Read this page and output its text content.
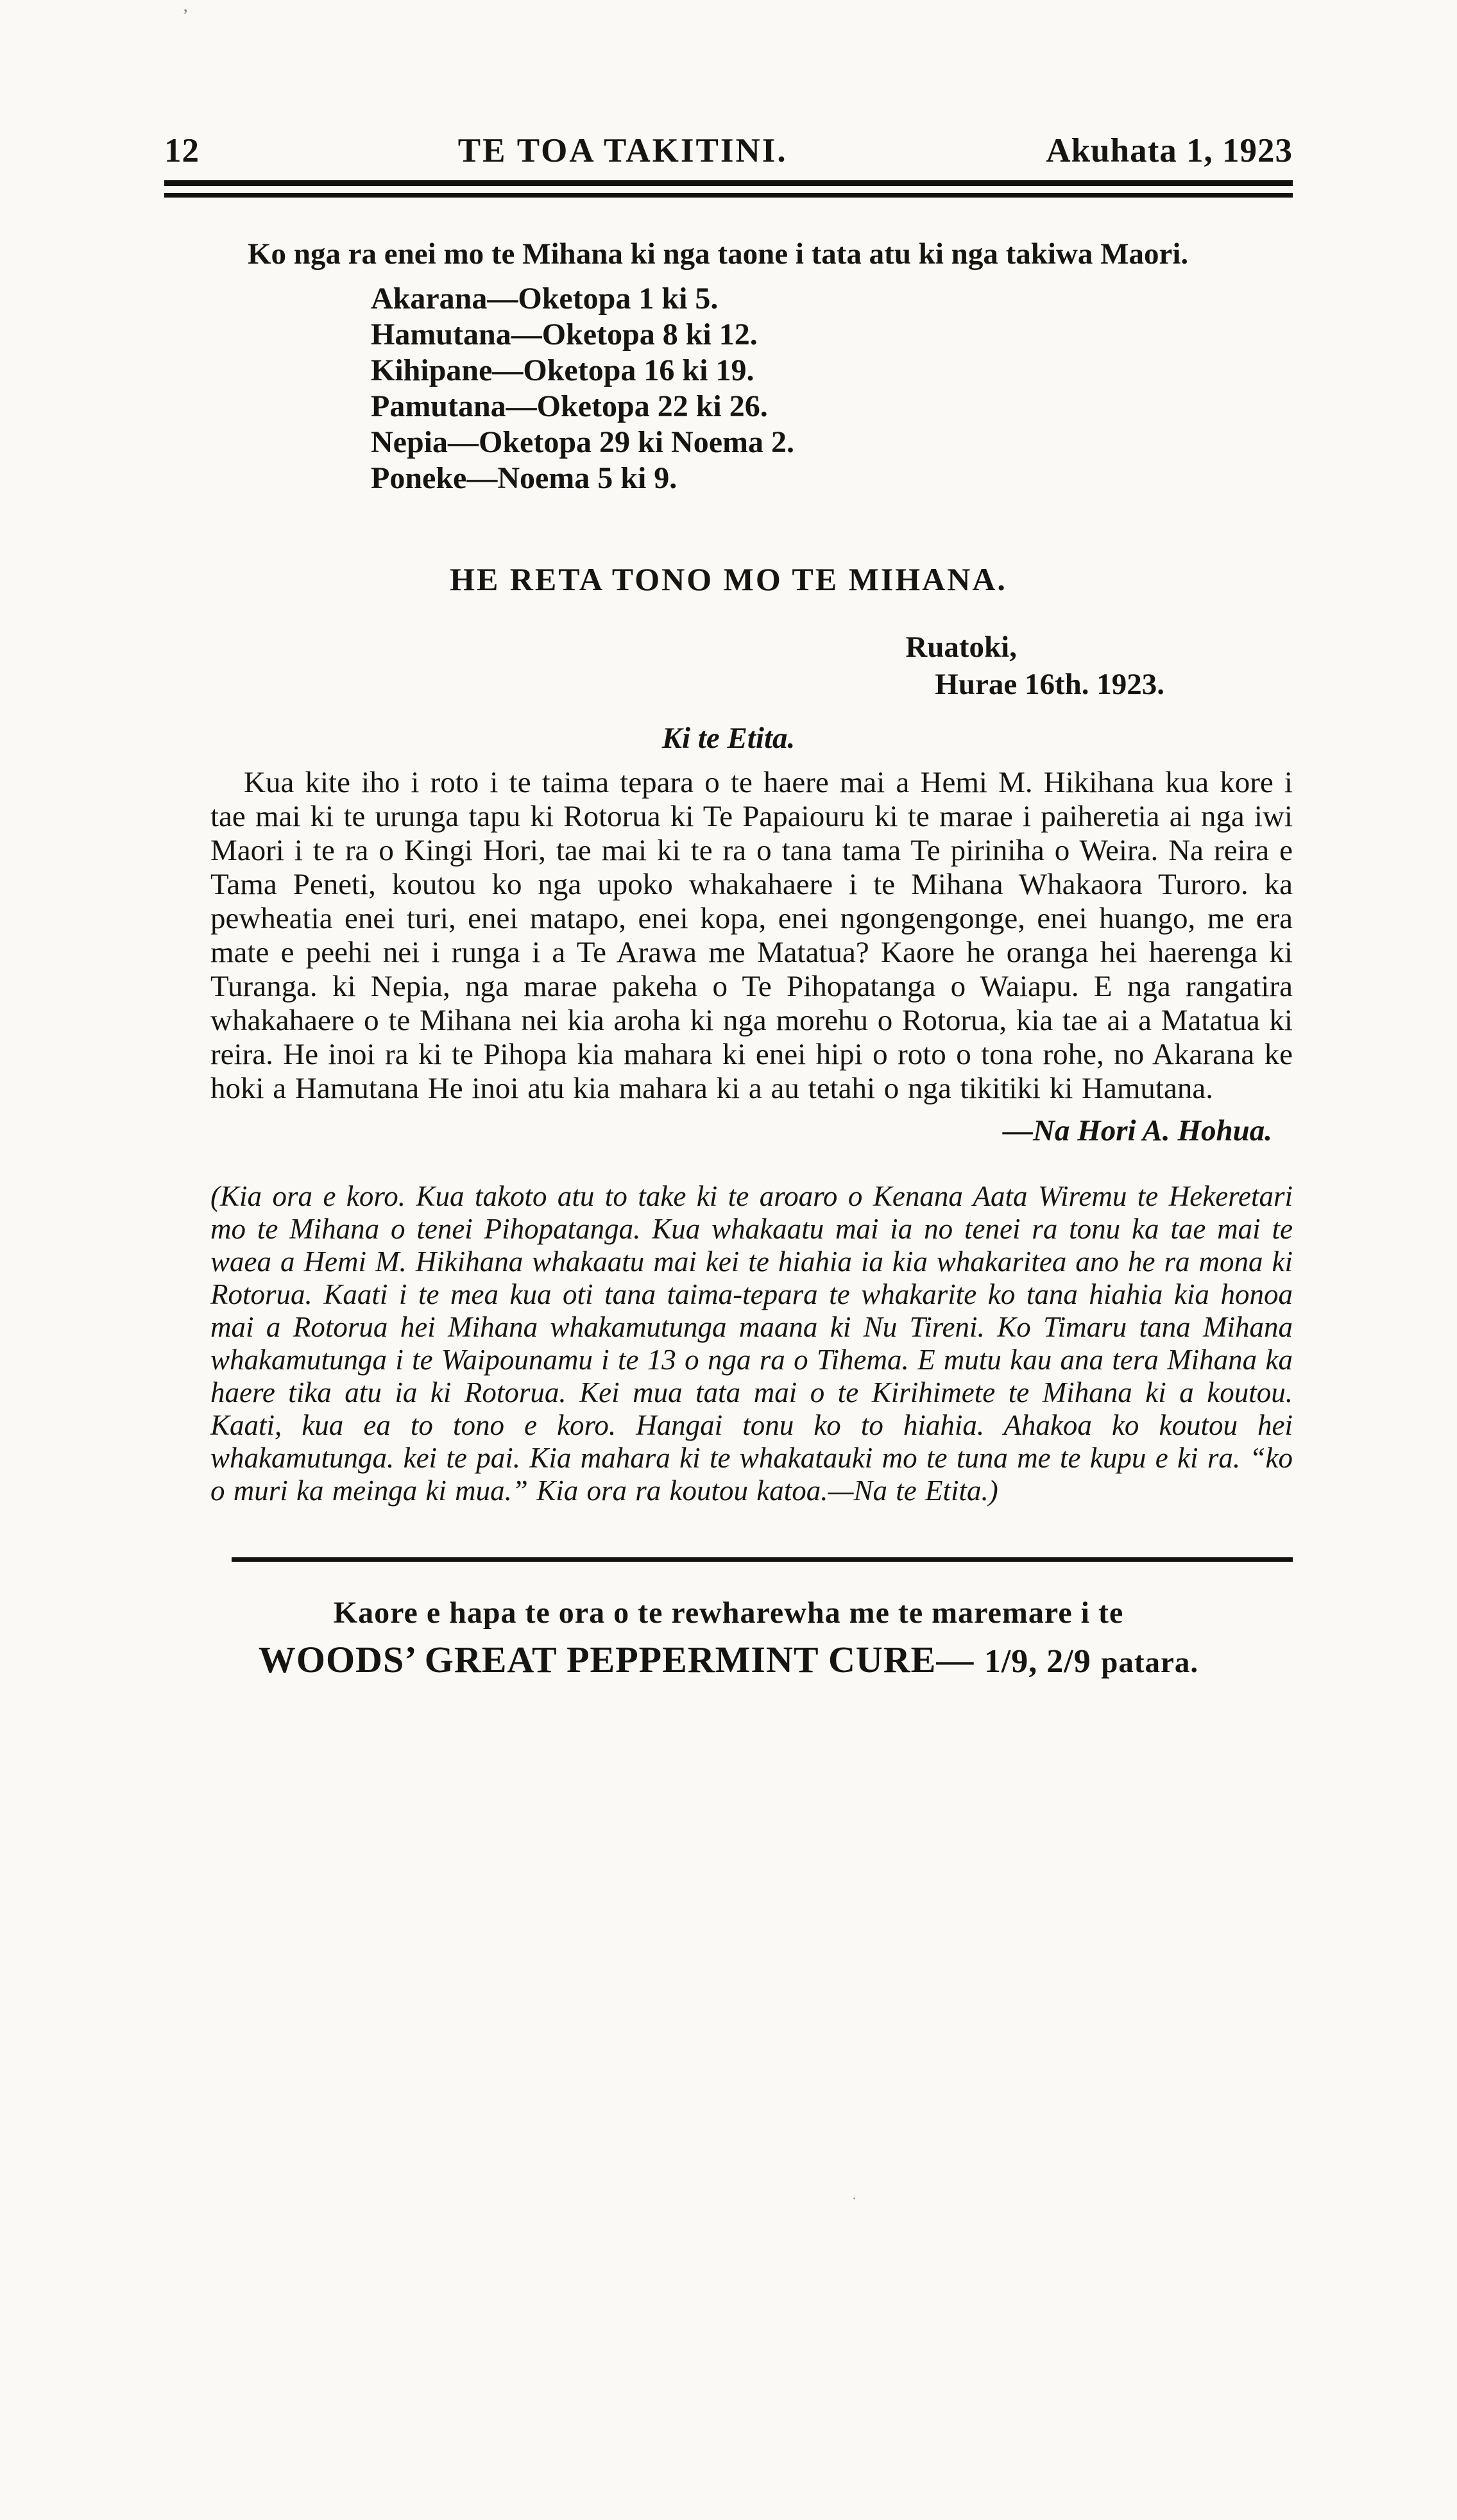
12	TE TOA TAKITINI.	Akuhata 1, 1923

Ko nga ra enei mo te Mihana ki nga taone i tata atu ki nga takiwa Maori.

Akarana—Oketopa 1 ki 5.
Hamutana—Oketopa 8 ki 12.
Kihipane—Oketopa 16 ki 19.
Pamutana—Oketopa 22 ki 26.
Nepia—Oketopa 29 ki Noema 2.
Poneke—Noema 5 ki 9.
HE RETA TONO MO TE MIHANA.
Ruatoki,
Hurae 16th. 1923.
Ki te Etita.

Kua kite iho i roto i te taima tepara o te haere mai a Hemi M. Hikihana kua kore i tae mai ki te urunga tapu ki Rotorua ki Te Papaiouru ki te marae i paiheretia ai nga iwi Maori i te ra o Kingi Hori, tae mai ki te ra o tana tama Te piriniha o Weira. Na reira e Tama Peneti, koutou ko nga upoko whakahaere i te Mihana Whakaora Turoro. ka pewheatia enei turi, enei matapo, enei kopa, enei ngongengonge, enei huango, me era mate e peehi nei i runga i a Te Arawa me Matatua? Kaore he oranga hei haerenga ki Turanga. ki Nepia, nga marae pakeha o Te Pihopatanga o Waiapu. E nga rangatira whakahaere o te Mihana nei kia aroha ki nga morehu o Rotorua, kia tae ai a Matatua ki reira. He inoi ra ki te Pihopa kia mahara ki enei hipi o roto o tona rohe, no Akarana ke hoki a Hamutana He inoi atu kia mahara ki a au tetahi o nga tikitiki ki Hamutana.

—Na Hori A. Hohua.

(Kia ora e koro. Kua takoto atu to take ki te aroaro o Kenana Aata Wiremu te Hekeretari mo te Mihana o tenei Pihopatanga. Kua whakaatu mai ia no tenei ra tonu ka tae mai te waea a Hemi M. Hikihana whakaatu mai kei te hiahia ia kia whakaritea ano he ra mona ki Rotorua. Kaati i te mea kua oti tana taima-tepara te whakarite ko tana hiahia kia honoa mai a Rotorua hei Mihana whakamutunga maana ki Nu Tireni. Ko Timaru tana Mihana whakamutunga i te Waipounamu i te 13 o nga ra o Tihema. E mutu kau ana tera Mihana ka haere tika atu ia ki Rotorua. Kei mua tata mai o te Kirihimete te Mihana ki a koutou. Kaati, kua ea to tono e koro. Hangai tonu ko to hiahia. Ahakoa ko koutou hei whakamutunga. kei te pai. Kia mahara ki te whakatauki mo te tuna me te kupu e ki ra. “ko o muri ka meinga ki mua.” Kia ora ra koutou katoa.—Na te Etita.)

Kaore e hapa te ora o te rewharewha me te maremare i te
WOODS’ GREAT PEPPERMINT CURE— 1/9, 2/9 patara.
’
·
